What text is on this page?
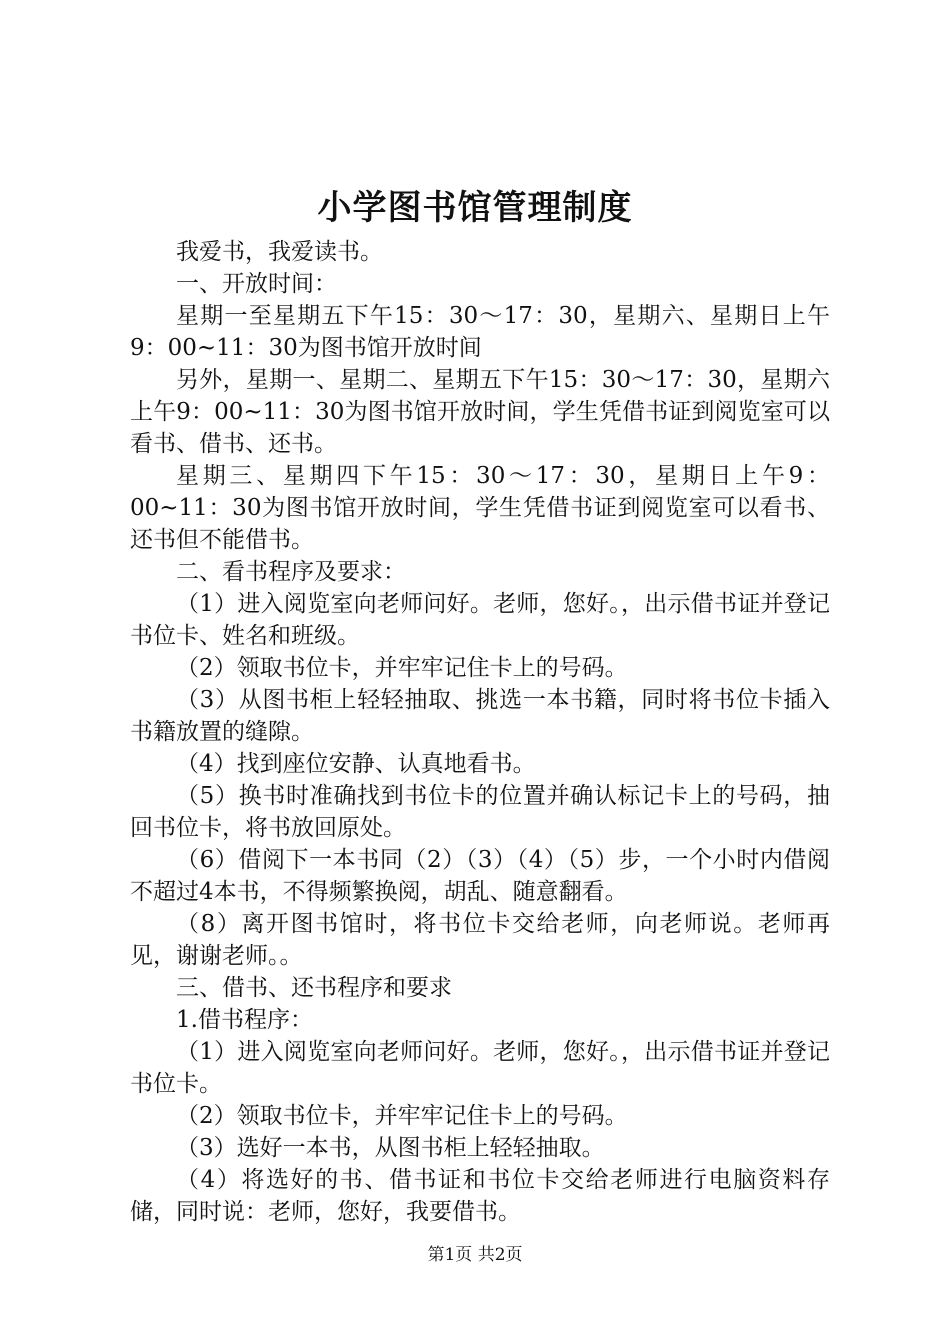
小学图书馆管理制度

我爱书，我爱读书。

一、开放时间：

星期一至星期五下午15：30～17：30，星期六、星期日上午9：00~11：30为图书馆开放时间

另外，星期一、星期二、星期五下午15：30～17：30，星期六上午9：00~11：30为图书馆开放时间，学生凭借书证到阅览室可以看书、借书、还书。

星期三、星期四下午15：30～17：30，星期日上午9：00~11：30为图书馆开放时间，学生凭借书证到阅览室可以看书、还书但不能借书。

二、看书程序及要求：

（1）进入阅览室向老师问好。老师，您好。，出示借书证并登记书位卡、姓名和班级。

（2）领取书位卡，并牢牢记住卡上的号码。

（3）从图书柜上轻轻抽取、挑选一本书籍，同时将书位卡插入书籍放置的缝隙。

（4）找到座位安静、认真地看书。

（5）换书时准确找到书位卡的位置并确认标记卡上的号码，抽回书位卡，将书放回原处。

（6）借阅下一本书同（2）（3）（4）（5）步，一个小时内借阅不超过4本书，不得频繁换阅，胡乱、随意翻看。

（8）离开图书馆时，将书位卡交给老师，向老师说。老师再见，谢谢老师。。

三、借书、还书程序和要求

1.借书程序：

（1）进入阅览室向老师问好。老师，您好。，出示借书证并登记书位卡。

（2）领取书位卡，并牢牢记住卡上的号码。

（3）选好一本书，从图书柜上轻轻抽取。

（4）将选好的书、借书证和书位卡交给老师进行电脑资料存储，同时说：老师，您好，我要借书。

第1页 共2页
